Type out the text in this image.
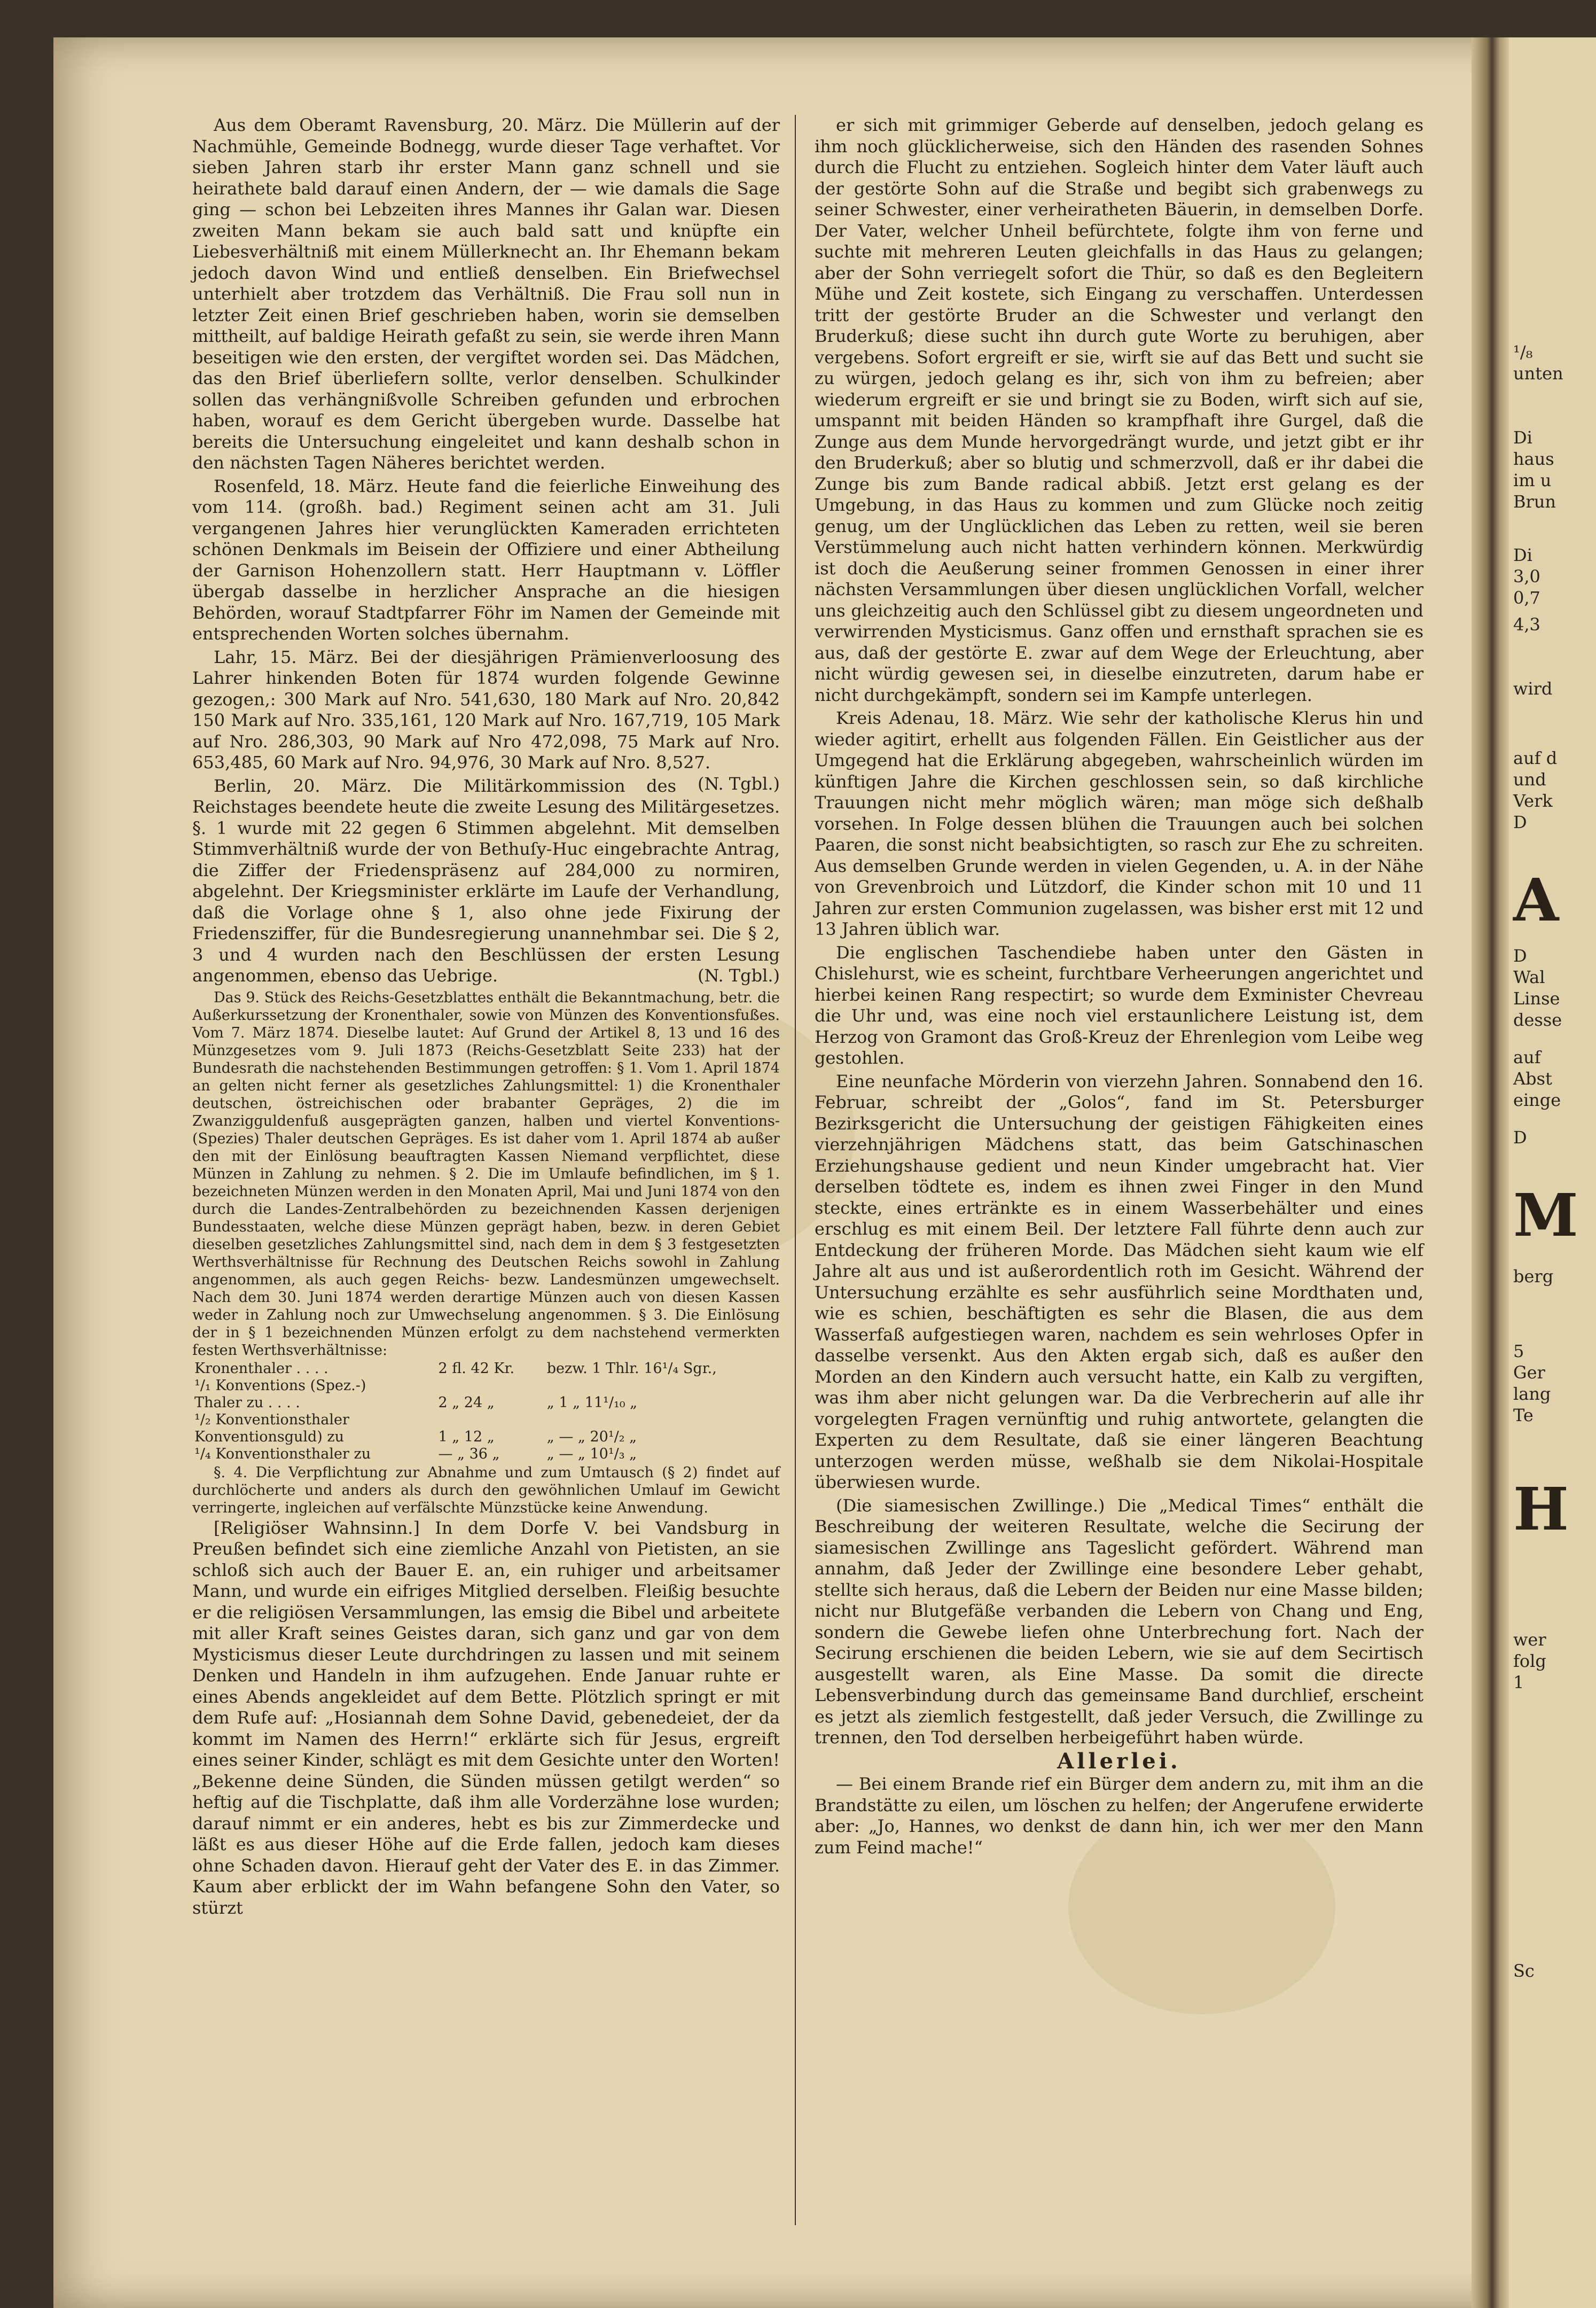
Aus dem Oberamt Ravensburg, 20. März. Die Müllerin auf der Nachmühle, Gemeinde Bodnegg, wurde dieser Tage verhaftet. Vor sieben Jahren starb ihr erster Mann ganz schnell und sie heirathete bald darauf einen Andern, der — wie damals die Sage ging — schon bei Lebzeiten ihres Mannes ihr Galan war. Diesen zweiten Mann bekam sie auch bald satt und knüpfte ein Liebesverhältniß mit einem Müllerknecht an. Ihr Ehemann bekam jedoch davon Wind und entließ denselben. Ein Briefwechsel unterhielt aber trotzdem das Verhältniß. Die Frau soll nun in letzter Zeit einen Brief geschrieben haben, worin sie demselben mittheilt, auf baldige Heirath gefaßt zu sein, sie werde ihren Mann beseitigen wie den ersten, der vergiftet worden sei. Das Mädchen, das den Brief überliefern sollte, verlor denselben. Schulkinder sollen das verhängnißvolle Schreiben gefunden und erbrochen haben, worauf es dem Gericht übergeben wurde. Dasselbe hat bereits die Untersuchung eingeleitet und kann deshalb schon in den nächsten Tagen Näheres berichtet werden.

Rosenfeld, 18. März. Heute fand die feierliche Einweihung des vom 114. (großh. bad.) Regiment seinen acht am 31. Juli vergangenen Jahres hier verunglückten Kameraden errichteten schönen Denkmals im Beisein der Offiziere und einer Abtheilung der Garnison Hohenzollern statt. Herr Hauptmann v. Löffler übergab dasselbe in herzlicher Ansprache an die hiesigen Behörden, worauf Stadtpfarrer Föhr im Namen der Gemeinde mit entsprechenden Worten solches übernahm.

Lahr, 15. März. Bei der diesjährigen Prämienverloosung des Lahrer hinkenden Boten für 1874 wurden folgende Gewinne gezogen,: 300 Mark auf Nro. 541,630, 180 Mark auf Nro. 20,842 150 Mark auf Nro. 335,161, 120 Mark auf Nro. 167,719, 105 Mark auf Nro. 286,303, 90 Mark auf Nro 472,098, 75 Mark auf Nro. 653,485, 60 Mark auf Nro. 94,976, 30 Mark auf Nro. 8,527.
(N. Tgbl.)

Berlin, 20. März. Die Militärkommission des Reichstages beendete heute die zweite Lesung des Militärgesetzes. §. 1 wurde mit 22 gegen 6 Stimmen abgelehnt. Mit demselben Stimmverhältniß wurde der von Bethuſy-Huc eingebrachte Antrag, die Ziffer der Friedenspräsenz auf 284,000 zu normiren, abgelehnt. Der Kriegsminister erklärte im Laufe der Verhandlung, daß die Vorlage ohne § 1, also ohne jede Fixirung der Friedensziffer, für die Bundesregierung unannehmbar sei. Die § 2, 3 und 4 wurden nach den Beschlüssen der ersten Lesung angenommen, ebenso das Uebrige.	(N. Tgbl.)

Das 9. Stück des Reichs-Gesetzblattes enthält die Bekanntmachung, betr. die Außerkurssetzung der Kronenthaler, sowie von Münzen des Konventionsfußes. Vom 7. März 1874. Dieselbe lautet: Auf Grund der Artikel 8, 13 und 16 des Münzgesetzes vom 9. Juli 1873 (Reichs-Gesetzblatt Seite 233) hat der Bundesrath die nachstehenden Bestimmungen getroffen: § 1. Vom 1. April 1874 an gelten nicht ferner als gesetzliches Zahlungsmittel: 1) die Kronenthaler deutschen, östreichischen oder brabanter Gepräges, 2) die im Zwanzigguldenfuß ausgeprägten ganzen, halben und viertel Konventions-(Spezies) Thaler deutschen Gepräges. Es ist daher vom 1. April 1874 ab außer den mit der Einlösung beauftragten Kassen Niemand verpflichtet, diese Münzen in Zahlung zu nehmen. § 2. Die im Umlaufe befindlichen, im § 1. bezeichneten Münzen werden in den Monaten April, Mai und Juni 1874 von den durch die Landes-Zentralbehörden zu bezeichnenden Kassen derjenigen Bundesstaaten, welche diese Münzen geprägt haben, bezw. in deren Gebiet dieselben gesetzliches Zahlungsmittel sind, nach dem in dem § 3 festgesetzten Werthsverhältnisse für Rechnung des Deutschen Reichs sowohl in Zahlung angenommen, als auch gegen Reichs- bezw. Landesmünzen umgewechselt. Nach dem 30. Juni 1874 werden derartige Münzen auch von diesen Kassen weder in Zahlung noch zur Umwechselung angenommen. § 3. Die Einlösung der in § 1 bezeichnenden Münzen erfolgt zu dem nachstehend vermerkten festen Werthsverhältnisse:

Kronenthaler . . . .	2 fl. 42 Kr.	bezw. 1 Thlr. 16¹/₄ Sgr.,
¹/₁ Konventions (Spez.-)		
Thaler zu . . . .	2 „ 24 „	„ 1 „ 11¹/₁₀ „
¹/₂ Konventionsthaler		
Konventionsguld) zu	1 „ 12 „	„ — „ 20¹/₂ „
¹/₄ Konventionsthaler zu	— „ 36 „	„ — „ 10¹/₃ „

§. 4. Die Verpflichtung zur Abnahme und zum Umtausch (§ 2) findet auf durchlöcherte und anders als durch den gewöhnlichen Umlauf im Gewicht verringerte, ingleichen auf verfälschte Münzstücke keine Anwendung.

[Religiöser Wahnsinn.] In dem Dorfe V. bei Vandsburg in Preußen befindet sich eine ziemliche Anzahl von Pietisten, an sie schloß sich auch der Bauer E. an, ein ruhiger und arbeitsamer Mann, und wurde ein eifriges Mitglied derselben. Fleißig besuchte er die religiösen Versammlungen, las emsig die Bibel und arbeitete mit aller Kraft seines Geistes daran, sich ganz und gar von dem Mysticismus dieser Leute durchdringen zu lassen und mit seinem Denken und Handeln in ihm aufzugehen. Ende Januar ruhte er eines Abends angekleidet auf dem Bette. Plötzlich springt er mit dem Rufe auf: „Hosiannah dem Sohne David, gebenedeiet, der da kommt im Namen des Herrn!“ erklärte sich für Jesus, ergreift eines seiner Kinder, schlägt es mit dem Gesichte unter den Worten! „Bekenne deine Sünden, die Sünden müssen getilgt werden“ so heftig auf die Tischplatte, daß ihm alle Vorderzähne lose wurden; darauf nimmt er ein anderes, hebt es bis zur Zimmerdecke und läßt es aus dieser Höhe auf die Erde fallen, jedoch kam dieses ohne Schaden davon. Hierauf geht der Vater des E. in das Zimmer. Kaum aber erblickt der im Wahn befangene Sohn den Vater, so stürzt

er sich mit grimmiger Geberde auf denselben, jedoch gelang es ihm noch glücklicherweise, sich den Händen des rasenden Sohnes durch die Flucht zu entziehen. Sogleich hinter dem Vater läuft auch der gestörte Sohn auf die Straße und begibt sich grabenwegs zu seiner Schwester, einer verheiratheten Bäuerin, in demselben Dorfe. Der Vater, welcher Unheil befürchtete, folgte ihm von ferne und suchte mit mehreren Leuten gleichfalls in das Haus zu gelangen; aber der Sohn verriegelt sofort die Thür, so daß es den Begleitern Mühe und Zeit kostete, sich Eingang zu verschaffen. Unterdessen tritt der gestörte Bruder an die Schwester und verlangt den Bruderkuß; diese sucht ihn durch gute Worte zu beruhigen, aber vergebens. Sofort ergreift er sie, wirft sie auf das Bett und sucht sie zu würgen, jedoch gelang es ihr, sich von ihm zu befreien; aber wiederum ergreift er sie und bringt sie zu Boden, wirft sich auf sie, umspannt mit beiden Händen so krampfhaft ihre Gurgel, daß die Zunge aus dem Munde hervorgedrängt wurde, und jetzt gibt er ihr den Bruderkuß; aber so blutig und schmerzvoll, daß er ihr dabei die Zunge bis zum Bande radical abbiß. Jetzt erst gelang es der Umgebung, in das Haus zu kommen und zum Glücke noch zeitig genug, um der Unglücklichen das Leben zu retten, weil sie beren Verstümmelung auch nicht hatten verhindern können. Merkwürdig ist doch die Aeußerung seiner frommen Genossen in einer ihrer nächsten Versammlungen über diesen unglücklichen Vorfall, welcher uns gleichzeitig auch den Schlüssel gibt zu diesem ungeordneten und verwirrenden Mysticismus. Ganz offen und ernsthaft sprachen sie es aus, daß der gestörte E. zwar auf dem Wege der Erleuchtung, aber nicht würdig gewesen sei, in dieselbe einzutreten, darum habe er nicht durchgekämpft, sondern sei im Kampfe unterlegen.

Kreis Adenau, 18. März. Wie sehr der katholische Klerus hin und wieder agitirt, erhellt aus folgenden Fällen. Ein Geistlicher aus der Umgegend hat die Erklärung abgegeben, wahrscheinlich würden im künftigen Jahre die Kirchen geschlossen sein, so daß kirchliche Trauungen nicht mehr möglich wären; man möge sich deßhalb vorsehen. In Folge dessen blühen die Trauungen auch bei solchen Paaren, die sonst nicht beabsichtigten, so rasch zur Ehe zu schreiten. Aus demselben Grunde werden in vielen Gegenden, u. A. in der Nähe von Grevenbroich und Lützdorf, die Kinder schon mit 10 und 11 Jahren zur ersten Communion zugelassen, was bisher erst mit 12 und 13 Jahren üblich war.

Die englischen Taschendiebe haben unter den Gästen in Chislehurst, wie es scheint, furchtbare Verheerungen angerichtet und hierbei keinen Rang respectirt; so wurde dem Exminister Chevreau die Uhr und, was eine noch viel erstaunlichere Leistung ist, dem Herzog von Gramont das Groß-Kreuz der Ehrenlegion vom Leibe weg gestohlen.

Eine neunfache Mörderin von vierzehn Jahren. Sonnabend den 16. Februar, schreibt der „Golos“, fand im St. Petersburger Bezirksgericht die Untersuchung der geistigen Fähigkeiten eines vierzehnjährigen Mädchens statt, das beim Gatschinaschen Erziehungshause gedient und neun Kinder umgebracht hat. Vier derselben tödtete es, indem es ihnen zwei Finger in den Mund steckte, eines ertränkte es in einem Wasserbehälter und eines erschlug es mit einem Beil. Der letztere Fall führte denn auch zur Entdeckung der früheren Morde. Das Mädchen sieht kaum wie elf Jahre alt aus und ist außerordentlich roth im Gesicht. Während der Untersuchung erzählte es sehr ausführlich seine Mordthaten und, wie es schien, beschäftigten es sehr die Blasen, die aus dem Wasserfaß aufgestiegen waren, nachdem es sein wehrloses Opfer in dasselbe versenkt. Aus den Akten ergab sich, daß es außer den Morden an den Kindern auch versucht hatte, ein Kalb zu vergiften, was ihm aber nicht gelungen war. Da die Verbrecherin auf alle ihr vorgelegten Fragen vernünftig und ruhig antwortete, gelangten die Experten zu dem Resultate, daß sie einer längeren Beachtung unterzogen werden müsse, weßhalb sie dem Nikolai-Hospitale überwiesen wurde.

(Die siamesischen Zwillinge.) Die „Medical Times“ enthält die Beschreibung der weiteren Resultate, welche die Secirung der siamesischen Zwillinge ans Tageslicht gefördert. Während man annahm, daß Jeder der Zwillinge eine besondere Leber gehabt, stellte sich heraus, daß die Lebern der Beiden nur eine Masse bilden; nicht nur Blutgefäße verbanden die Lebern von Chang und Eng, sondern die Gewebe liefen ohne Unterbrechung fort. Nach der Secirung erschienen die beiden Lebern, wie sie auf dem Secirtisch ausgestellt waren, als Eine Masse. Da somit die directe Lebensverbindung durch das gemeinsame Band durchlief, erscheint es jetzt als ziemlich festgestellt, daß jeder Versuch, die Zwillinge zu trennen, den Tod derselben herbeigeführt haben würde.

Allerlei.

— Bei einem Brande rief ein Bürger dem andern zu, mit ihm an die Brandstätte zu eilen, um löschen zu helfen; der Angerufene erwiderte aber: „Jo, Hannes, wo denkst de dann hin, ich wer mer den Mann zum Feind mache!“

¹/₈
unten
Di
haus
im u
Brun
Di
3,0
0,7
4,3
wird
auf d
und
Verk
D
A
D
Wal
Linse
desse
auf
Abst
einge
D
M
berg
5
Ger
lang
Te
H
wer
folg
1
Sc
